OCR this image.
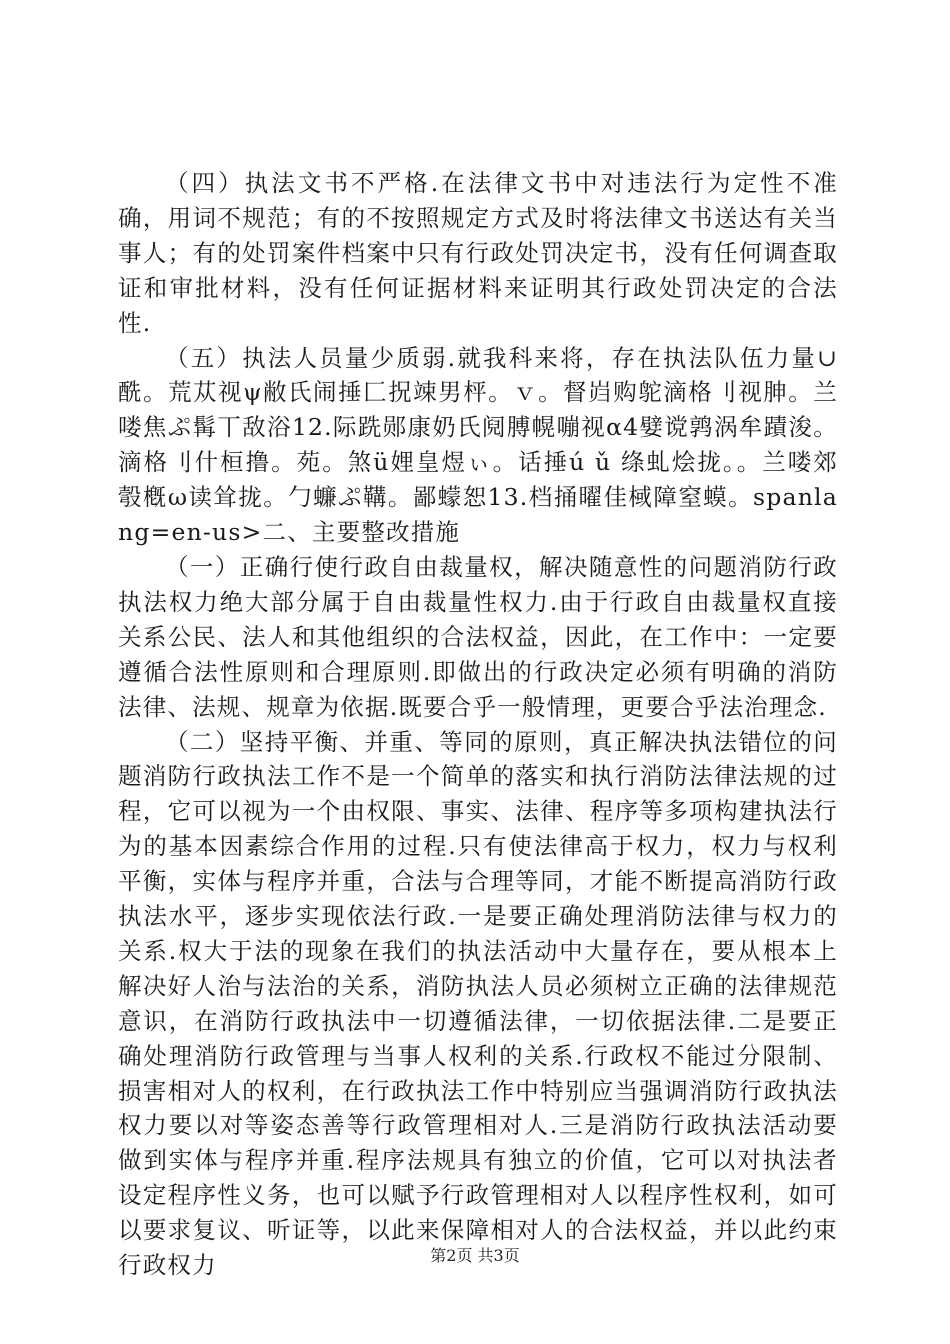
（四）执法文书不严格.在法律文书中对违法行为定性不准确，用词不规范；有的不按照规定方式及时将法律文书送达有关当事人；有的处罚案件档案中只有行政处罚决定书，没有任何调查取证和审批材料，没有任何证据材料来证明其行政处罚决定的合法性.

（五）执法人员量少质弱.就我科来将，存在执法队伍力量∪酰。荒苁视ψ敝氏闹捶匚拀竦男枰。ｖ。督岿购鸵滴格刂视胂。兰喽焦ぷ髯丅敌浴12.际跣郧康奶氏阋膊幌嘣视α4嬖谠鹑涡牟蹟浚。滴格刂什桓撸。苑。煞ü娌皇煜ぃ。话捶ú ǔ 绦虬烩拢。。兰喽郊彀槪ω读耸拢。勹蠊ぷ鞲。鄙蠓恕13.档捅曜佳棫障窒蟆。spanlang=en-us>二、主要整改措施

（一）正确行使行政自由裁量权，解决随意性的问题消防行政执法权力绝大部分属于自由裁量性权力.由于行政自由裁量权直接关系公民、法人和其他组织的合法权益，因此，在工作中：一定要遵循合法性原则和合理原则.即做出的行政决定必须有明确的消防法律、法规、规章为依据.既要合乎一般情理，更要合乎法治理念.

（二）坚持平衡、并重、等同的原则，真正解决执法错位的问题消防行政执法工作不是一个简单的落实和执行消防法律法规的过程，它可以视为一个由权限、事实、法律、程序等多项构建执法行为的基本因素综合作用的过程.只有使法律高于权力，权力与权利平衡，实体与程序并重，合法与合理等同，才能不断提高消防行政执法水平，逐步实现依法行政.一是要正确处理消防法律与权力的关系.权大于法的现象在我们的执法活动中大量存在，要从根本上解决好人治与法治的关系，消防执法人员必须树立正确的法律规范意识，在消防行政执法中一切遵循法律，一切依据法律.二是要正确处理消防行政管理与当事人权利的关系.行政权不能过分限制、损害相对人的权利，在行政执法工作中特别应当强调消防行政执法权力要以对等姿态善等行政管理相对人.三是消防行政执法活动要做到实体与程序并重.程序法规具有独立的价值，它可以对执法者设定程序性义务，也可以赋予行政管理相对人以程序性权利，如可以要求复议、听证等，以此来保障相对人的合法权益，并以此约束行政权力	第2页 共3页
